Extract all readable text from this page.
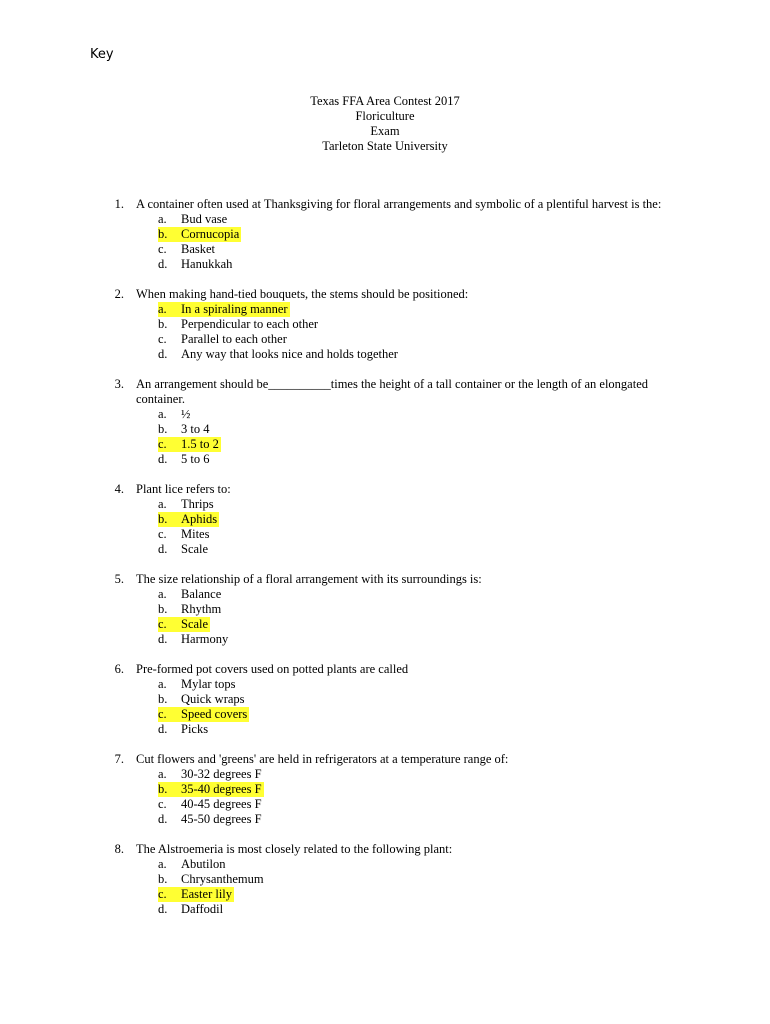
Key
Texas FFA Area Contest 2017
Floriculture
Exam
Tarleton State University
1. A container often used at Thanksgiving for floral arrangements and symbolic of a plentiful harvest is the:
a. Bud vase
b. Cornucopia
c. Basket
d. Hanukkah
2. When making hand-tied bouquets, the stems should be positioned:
a. In a spiraling manner
b. Perpendicular to each other
c. Parallel to each other
d. Any way that looks nice and holds together
3. An arrangement should be__________times the height of a tall container or the length of an elongated container.
a. ½
b. 3 to 4
c. 1.5 to 2
d. 5 to 6
4. Plant lice refers to:
a. Thrips
b. Aphids
c. Mites
d. Scale
5. The size relationship of a floral arrangement with its surroundings is:
a. Balance
b. Rhythm
c. Scale
d. Harmony
6. Pre-formed pot covers used on potted plants are called
a. Mylar tops
b. Quick wraps
c. Speed covers
d. Picks
7. Cut flowers and 'greens' are held in refrigerators at a temperature range of:
a. 30-32 degrees F
b. 35-40 degrees F
c. 40-45 degrees F
d. 45-50 degrees F
8. The Alstroemeria is most closely related to the following plant:
a. Abutilon
b. Chrysanthemum
c. Easter lily
d. Daffodil
